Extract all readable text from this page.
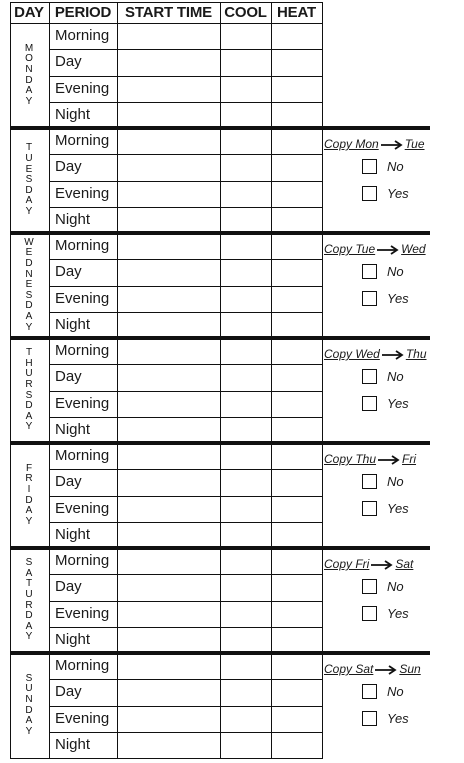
DAY PERIOD START TIME COOL HEAT
M
O
N
D
A
Y
Morning
Day
Evening
Night
T
U
E
S
D
A
Y
Morning
Day
Evening
Night
Copy Mon Tue
No
Yes
W
E
D
N
E
S
D
A
Y
Morning
Day
Evening
Night
Copy Tue Wed
No
Yes
T
H
U
R
S
D
A
Y
Morning
Day
Evening
Night
Copy Wed Thu
No
Yes
F
R
I
D
A
Y
Morning
Day
Evening
Night
Copy Thu Fri
No
Yes
S
A
T
U
R
D
A
Y
Morning
Day
Evening
Night
Copy Fri Sat
No
Yes
S
U
N
D
A
Y
Morning
Day
Evening
Night
Copy Sat Sun
No
Yes
